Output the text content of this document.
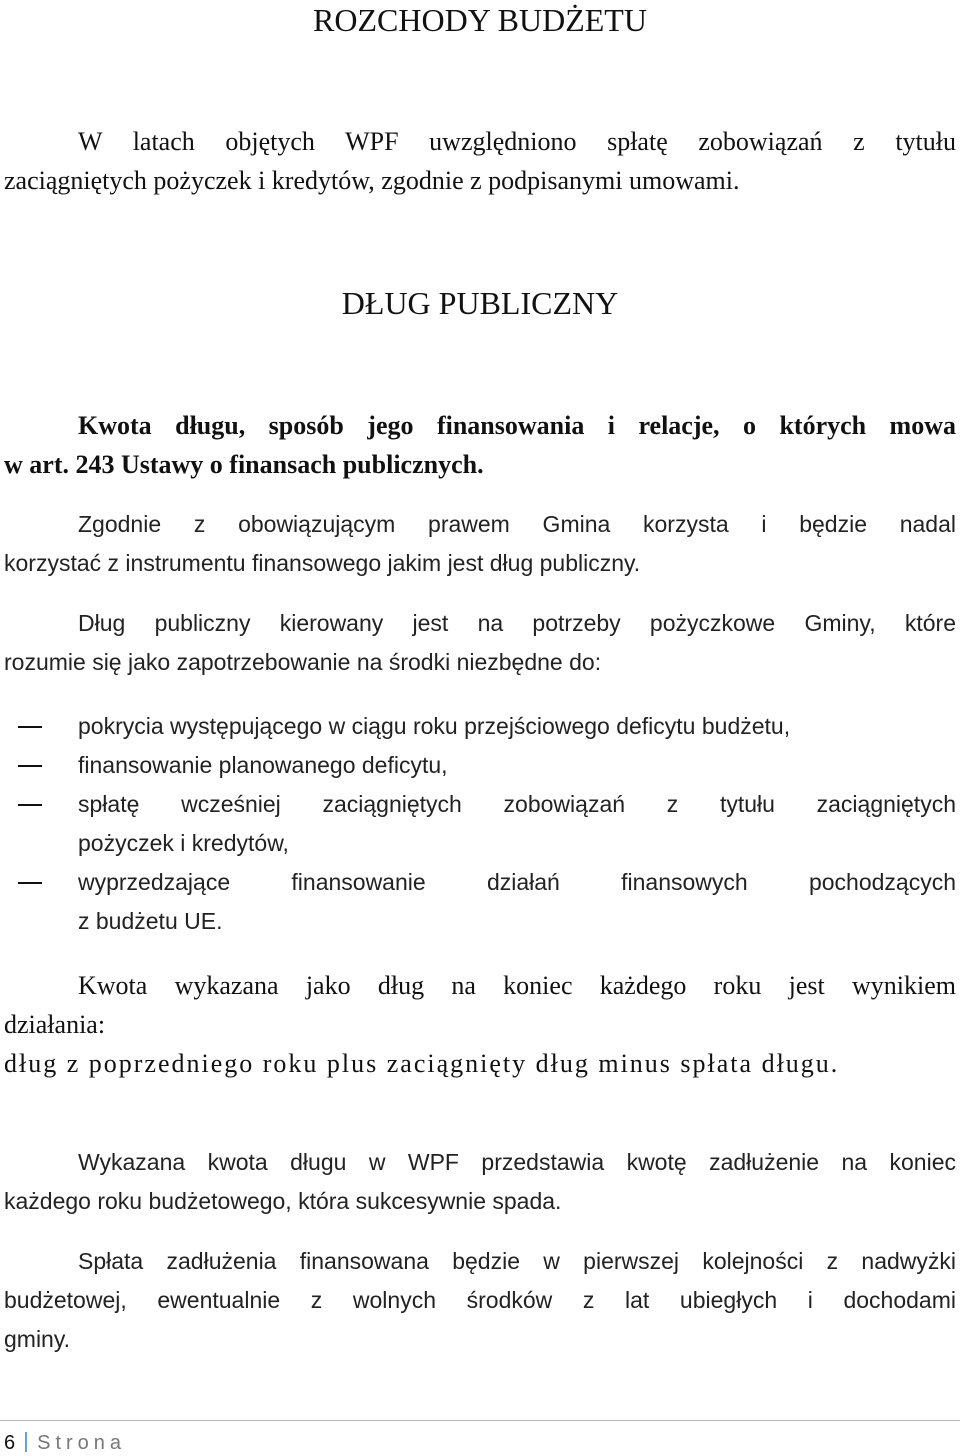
ROZCHODY BUDŻETU
W latach objętych WPF uwzględniono spłatę zobowiązań z tytułu
zaciągniętych pożyczek i kredytów, zgodnie z podpisanymi umowami.
DŁUG PUBLICZNY
Kwota długu, sposób jego finansowania i relacje, o których mowa
w art. 243 Ustawy o finansach publicznych.
Zgodnie z obowiązującym prawem Gmina korzysta i będzie nadal
korzystać z instrumentu finansowego jakim jest dług publiczny.
Dług publiczny kierowany jest na potrzeby pożyczkowe Gminy, które
rozumie się jako zapotrzebowanie na środki niezbędne do:
pokrycia występującego w ciągu roku przejściowego deficytu budżetu,
finansowanie planowanego deficytu,
spłatę wcześniej zaciągniętych zobowiązań z tytułu zaciągniętych
pożyczek i kredytów,
wyprzedzające finansowanie działań finansowych pochodzących
z budżetu UE.
Kwota wykazana jako dług na koniec każdego roku jest wynikiem
działania:
dług z poprzedniego roku plus zaciągnięty dług minus spłata długu.
Wykazana kwota długu w WPF przedstawia kwotę zadłużenie na koniec
każdego roku budżetowego, która sukcesywnie spada.
Spłata zadłużenia finansowana będzie w pierwszej kolejności z nadwyżki
budżetowej, ewentualnie z wolnych środków z lat ubiegłych i dochodami
gminy.
6 Strona
